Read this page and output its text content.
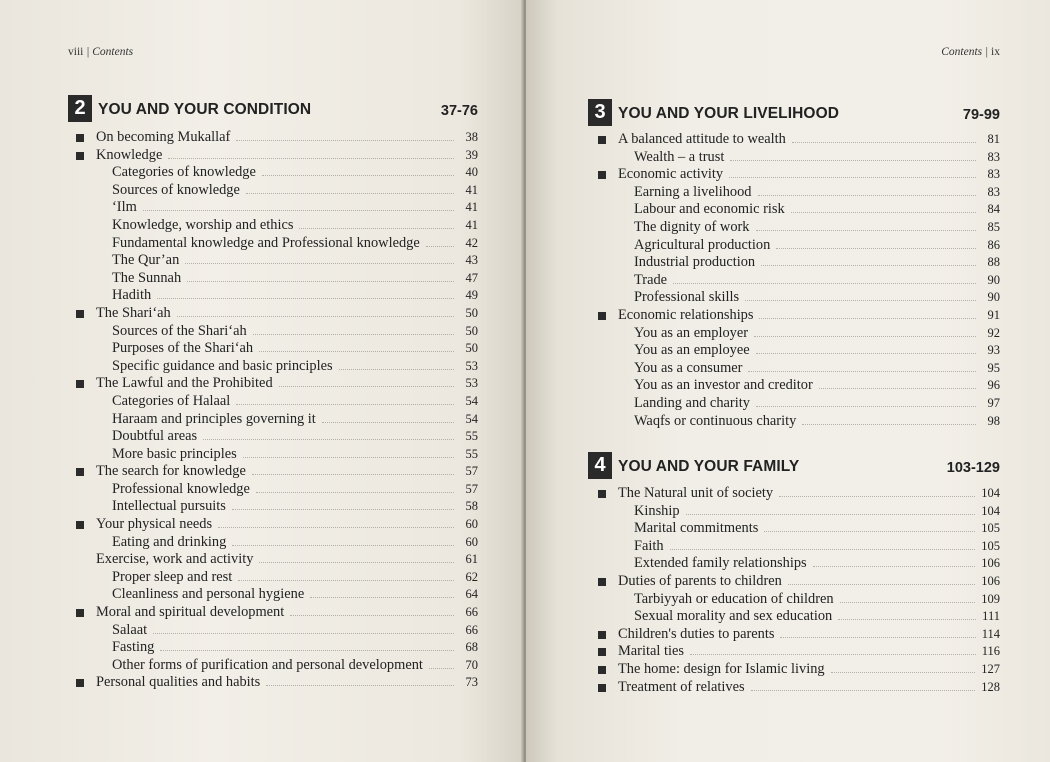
viii | Contents
2 YOU AND YOUR CONDITION	37-76
On becoming Mukallaf	38
Knowledge	39
Categories of knowledge	40
Sources of knowledge	41
‘Ilm	41
Knowledge, worship and ethics	41
Fundamental knowledge and Professional knowledge	42
The Qur’an	43
The Sunnah	47
Hadith	49
The Shari‘ah	50
Sources of the Shari‘ah	50
Purposes of the Shari‘ah	50
Specific guidance and basic principles	53
The Lawful and the Prohibited	53
Categories of Halaal	54
Haraam and principles governing it	54
Doubtful areas	55
More basic principles	55
The search for knowledge	57
Professional knowledge	57
Intellectual pursuits	58
Your physical needs	60
Eating and drinking	60
Exercise, work and activity	61
Proper sleep and rest	62
Cleanliness and personal hygiene	64
Moral and spiritual development	66
Salaat	66
Fasting	68
Other forms of purification and personal development	70
Personal qualities and habits	73
Contents | ix
3 YOU AND YOUR LIVELIHOOD	79-99
A balanced attitude to wealth	81
Wealth – a trust	83
Economic activity	83
Earning a livelihood	83
Labour and economic risk	84
The dignity of work	85
Agricultural production	86
Industrial production	88
Trade	90
Professional skills	90
Economic relationships	91
You as an employer	92
You as an employee	93
You as a consumer	95
You as an investor and creditor	96
Landing and charity	97
Waqfs or continuous charity	98
4 YOU AND YOUR FAMILY	103-129
The Natural unit of society	104
Kinship	104
Marital commitments	105
Faith	105
Extended family relationships	106
Duties of parents to children	106
Tarbiyyah or education of children	109
Sexual morality and sex education	111
Children's duties to parents	114
Marital ties	116
The home: design for Islamic living	127
Treatment of relatives	128
